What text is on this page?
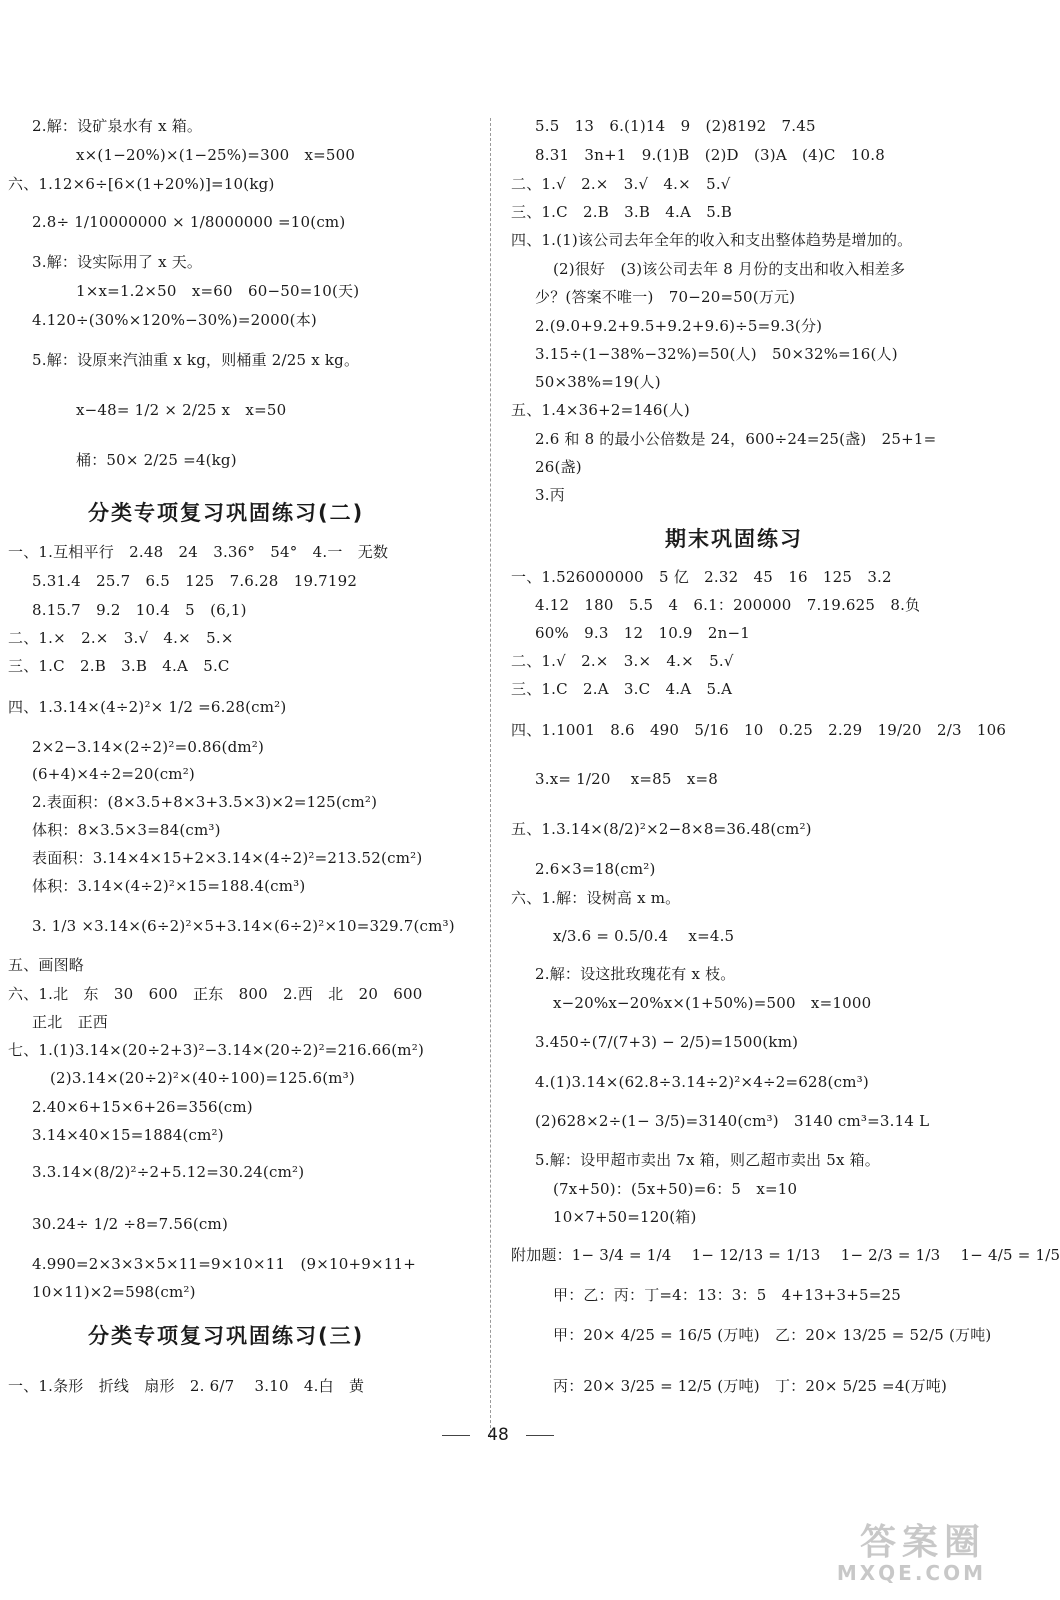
2.解：设矿泉水有 x 箱。
x×(1−20%)×(1−25%)=300　x=500
六、1.12×6÷[6×(1+20%)]=10(kg)
2.8÷ 1/10000000 × 1/8000000 =10(cm)
3.解：设实际用了 x 天。
1×x=1.2×50　x=60　60−50=10(天)
4.120÷(30%×120%−30%)=2000(本)
5.解：设原来汽油重 x kg，则桶重 2/25 x kg。
x−48= 1/2 × 2/25 x　x=50
桶：50× 2/25 =4(kg)
分类专项复习巩固练习(二)
一、1.互相平行　2.48　24　3.36°　54°　4.一　无数
5.31.4　25.7　6.5　125　7.6.28　19.7192
8.15.7　9.2　10.4　5　(6,1)
二、1.×　2.×　3.√　4.×　5.×
三、1.C　2.B　3.B　4.A　5.C
四、1.3.14×(4÷2)²× 1/2 =6.28(cm²)
2×2−3.14×(2÷2)²=0.86(dm²)
(6+4)×4÷2=20(cm²)
2.表面积：(8×3.5+8×3+3.5×3)×2=125(cm²)
体积：8×3.5×3=84(cm³)
表面积：3.14×4×15+2×3.14×(4÷2)²=213.52(cm²)
体积：3.14×(4÷2)²×15=188.4(cm³)
3. 1/3 ×3.14×(6÷2)²×5+3.14×(6÷2)²×10=329.7(cm³)
五、画图略
六、1.北　东　30　600　正东　800　2.西　北　20　600
正北　正西
七、1.(1)3.14×(20÷2+3)²−3.14×(20÷2)²=216.66(m²)
(2)3.14×(20÷2)²×(40÷100)=125.6(m³)
2.40×6+15×6+26=356(cm)
3.14×40×15=1884(cm²)
3.3.14×(8/2)²÷2+5.12=30.24(cm²)
30.24÷ 1/2 ÷8=7.56(cm)
4.990=2×3×3×5×11=9×10×11　(9×10+9×11+
10×11)×2=598(cm²)
分类专项复习巩固练习(三)
一、1.条形　折线　扇形　2. 6/7 　3.10　4.白　黄
5.5　13　6.(1)14　9　(2)8192　7.45
8.31　3n+1　9.(1)B　(2)D　(3)A　(4)C　10.8
二、1.√　2.×　3.√　4.×　5.√
三、1.C　2.B　3.B　4.A　5.B
四、1.(1)该公司去年全年的收入和支出整体趋势是增加的。
(2)很好　(3)该公司去年 8 月份的支出和收入相差多
少？(答案不唯一)　70−20=50(万元)
2.(9.0+9.2+9.5+9.2+9.6)÷5=9.3(分)
3.15÷(1−38%−32%)=50(人)　50×32%=16(人)
50×38%=19(人)
五、1.4×36+2=146(人)
2.6 和 8 的最小公倍数是 24，600÷24=25(盏)　25+1=
26(盏)
3.丙
期末巩固练习
一、1.526000000　5 亿　2.32　45　16　125　3.2
4.12　180　5.5　4　6.1：200000　7.19.625　8.负
60%　9.3　12　10.9　2n−1
二、1.√　2.×　3.×　4.×　5.√
三、1.C　2.A　3.C　4.A　5.A
四、1.1001　8.6　490　5/16　10　0.25　2.29　19/20　2/3　106
3.x= 1/20 　x=85　x=8
五、1.3.14×(8/2)²×2−8×8=36.48(cm²)
2.6×3=18(cm²)
六、1.解：设树高 x m。
x/3.6 = 0.5/0.4 　x=4.5
2.解：设这批玫瑰花有 x 枝。
x−20%x−20%x×(1+50%)=500　x=1000
3.450÷(7/(7+3) − 2/5)=1500(km)
4.(1)3.14×(62.8÷3.14÷2)²×4÷2=628(cm³)
(2)628×2÷(1− 3/5)=3140(cm³)　3140 cm³=3.14 L
5.解：设甲超市卖出 7x 箱，则乙超市卖出 5x 箱。
(7x+50)：(5x+50)=6：5　x=10
10×7+50=120(箱)
附加题：1− 3/4 = 1/4 　1− 12/13 = 1/13 　1− 2/3 = 1/3 　1− 4/5 = 1/5
甲：乙：丙：丁=4：13：3：5　4+13+3+5=25
甲：20× 4/25 = 16/5 (万吨)　乙：20× 13/25 = 52/5 (万吨)
丙：20× 3/25 = 12/5 (万吨)　丁：20× 5/25 =4(万吨)
48
答案圈
MXQE.COM
